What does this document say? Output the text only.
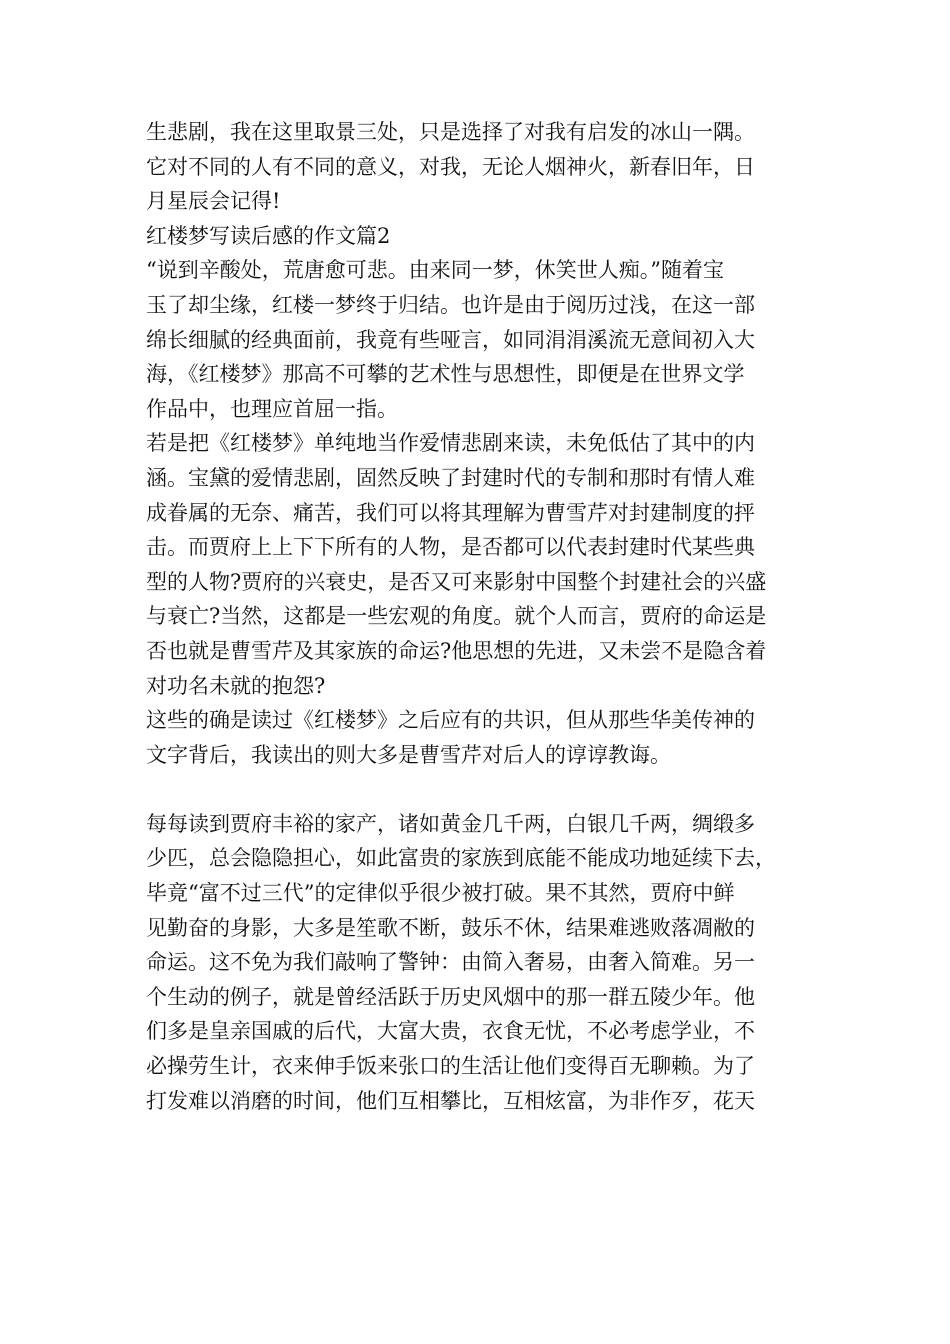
生悲剧，我在这里取景三处，只是选择了对我有启发的冰山一隅。
它对不同的人有不同的意义，对我，无论人烟神火，新春旧年，日
月星辰会记得!
红楼梦写读后感的作文篇2
“说到辛酸处，荒唐愈可悲。由来同一梦，休笑世人痴。”随着宝
玉了却尘缘，红楼一梦终于归结。也许是由于阅历过浅，在这一部
绵长细腻的经典面前，我竟有些哑言，如同涓涓溪流无意间初入大
海，《红楼梦》那高不可攀的艺术性与思想性，即便是在世界文学
作品中，也理应首屈一指。
若是把《红楼梦》单纯地当作爱情悲剧来读，未免低估了其中的内
涵。宝黛的爱情悲剧，固然反映了封建时代的专制和那时有情人难
成眷属的无奈、痛苦，我们可以将其理解为曹雪芹对封建制度的抨
击。而贾府上上下下所有的人物，是否都可以代表封建时代某些典
型的人物?贾府的兴衰史，是否又可来影射中国整个封建社会的兴盛
与衰亡?当然，这都是一些宏观的角度。就个人而言，贾府的命运是
否也就是曹雪芹及其家族的命运?他思想的先进，又未尝不是隐含着
对功名未就的抱怨?
这些的确是读过《红楼梦》之后应有的共识，但从那些华美传神的
文字背后，我读出的则大多是曹雪芹对后人的谆谆教诲。
每每读到贾府丰裕的家产，诸如黄金几千两，白银几千两，绸缎多
少匹，总会隐隐担心，如此富贵的家族到底能不能成功地延续下去，
毕竟“富不过三代”的定律似乎很少被打破。果不其然，贾府中鲜
见勤奋的身影，大多是笙歌不断，鼓乐不休，结果难逃败落凋敝的
命运。这不免为我们敲响了警钟：由简入奢易，由奢入简难。另一
个生动的例子，就是曾经活跃于历史风烟中的那一群五陵少年。他
们多是皇亲国戚的后代，大富大贵，衣食无忧，不必考虑学业，不
必操劳生计，衣来伸手饭来张口的生活让他们变得百无聊赖。为了
打发难以消磨的时间，他们互相攀比，互相炫富，为非作歹，花天
